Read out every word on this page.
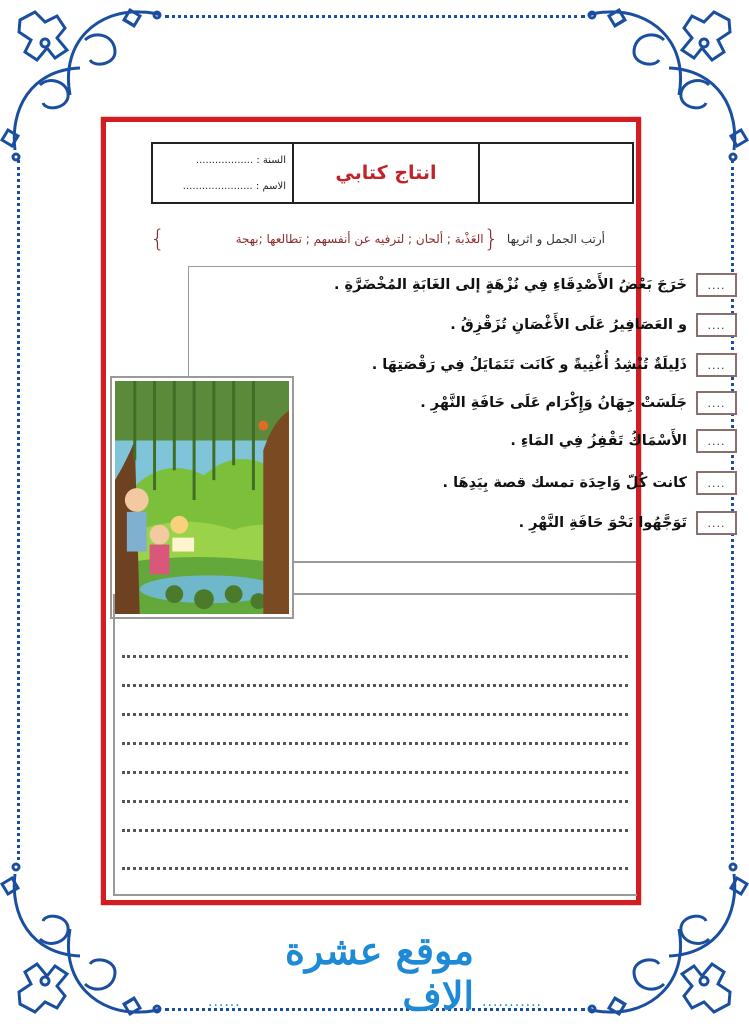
السنة : ..................
الاسم : ......................
انتاج كتابي
أرتب الجمل و اثريها
{
العَذْبة ; ألحان ; لترفيه عن أنفسهم ; تطالعها ;بهجة
}
....
خَرَجَ بَعْضُ الأَصْدِقَاءِ فِي نُزْهَةٍ إلى الغَابَةِ المُخْضَرَّةِ .
....
و العَصَافِيرُ عَلَى الأَغْصَانِ تُزَقْزِقُ .
....
ذَلِيلَةٌ تُنْشِدُ أُغْنِيةً و كَانَت تَتَمَايَلُ فِي رَقْصَتِهَا .
....
جَلَسَتْ جِهَانُ وَإِكْرَام عَلَى حَافَةِ النَّهْرِ .
....
الأَسْمَاكُ تَقْفِزُ فِي المَاءِ .
....
كانت كُلّ وَاحِدَة تمسك قصة بِيَدِهَا .
....
تَوَجَّهُوا نَحْوَ حَافَةِ النَّهْرِ .
...........
موقع عشرة الاف
......
